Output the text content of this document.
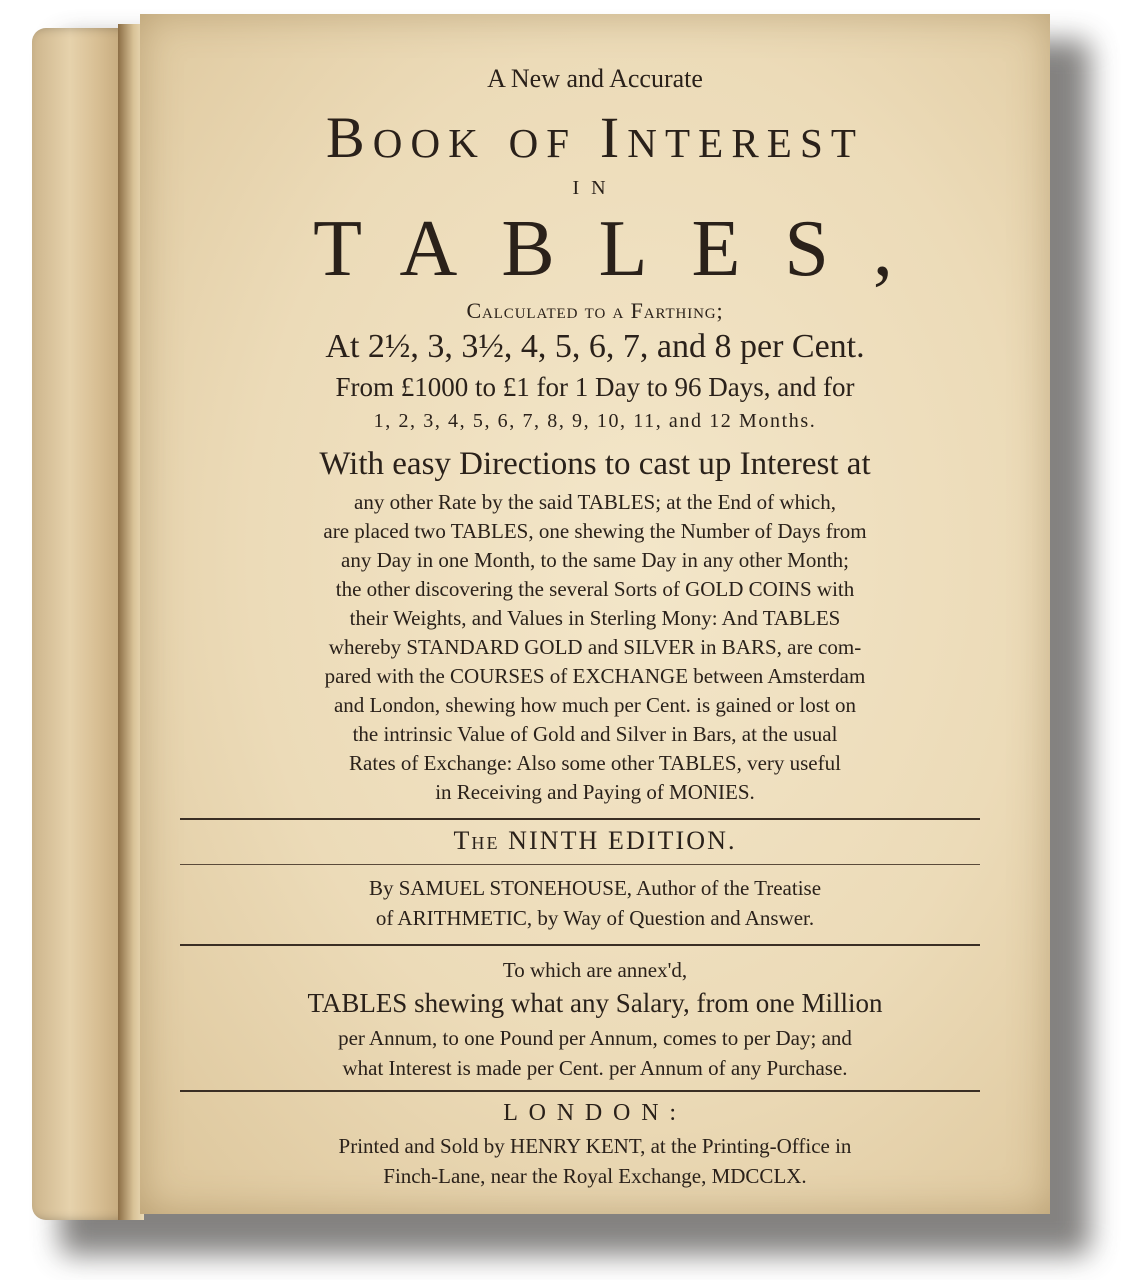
A New and Accurate
Book of Interest
IN
TABLES,
Calculated to a Farthing;
At 2½, 3, 3½, 4, 5, 6, 7, and 8 per Cent.
From £1000 to £1 for 1 Day to 96 Days, and for
1, 2, 3, 4, 5, 6, 7, 8, 9, 10, 11, and 12 Months.
With easy Directions to cast up Interest at
any other Rate by the said TABLES; at the End of which,
are placed two TABLES, one shewing the Number of Days from
any Day in one Month, to the same Day in any other Month;
the other discovering the several Sorts of GOLD COINS with
their Weights, and Values in Sterling Mony: And TABLES
whereby STANDARD GOLD and SILVER in BARS, are com-
pared with the COURSES of EXCHANGE between Amsterdam
and London, shewing how much per Cent. is gained or lost on
the intrinsic Value of Gold and Silver in Bars, at the usual
Rates of Exchange: Also some other TABLES, very useful
in Receiving and Paying of MONIES.
The NINTH EDITION.
By SAMUEL STONEHOUSE, Author of the Treatise
of ARITHMETIC, by Way of Question and Answer.
To which are annex'd,
TABLES shewing what any Salary, from one Million
per Annum, to one Pound per Annum, comes to per Day; and
what Interest is made per Cent. per Annum of any Purchase.
LONDON:
Printed and Sold by HENRY KENT, at the Printing-Office in
Finch-Lane, near the Royal Exchange, MDCCLX.
